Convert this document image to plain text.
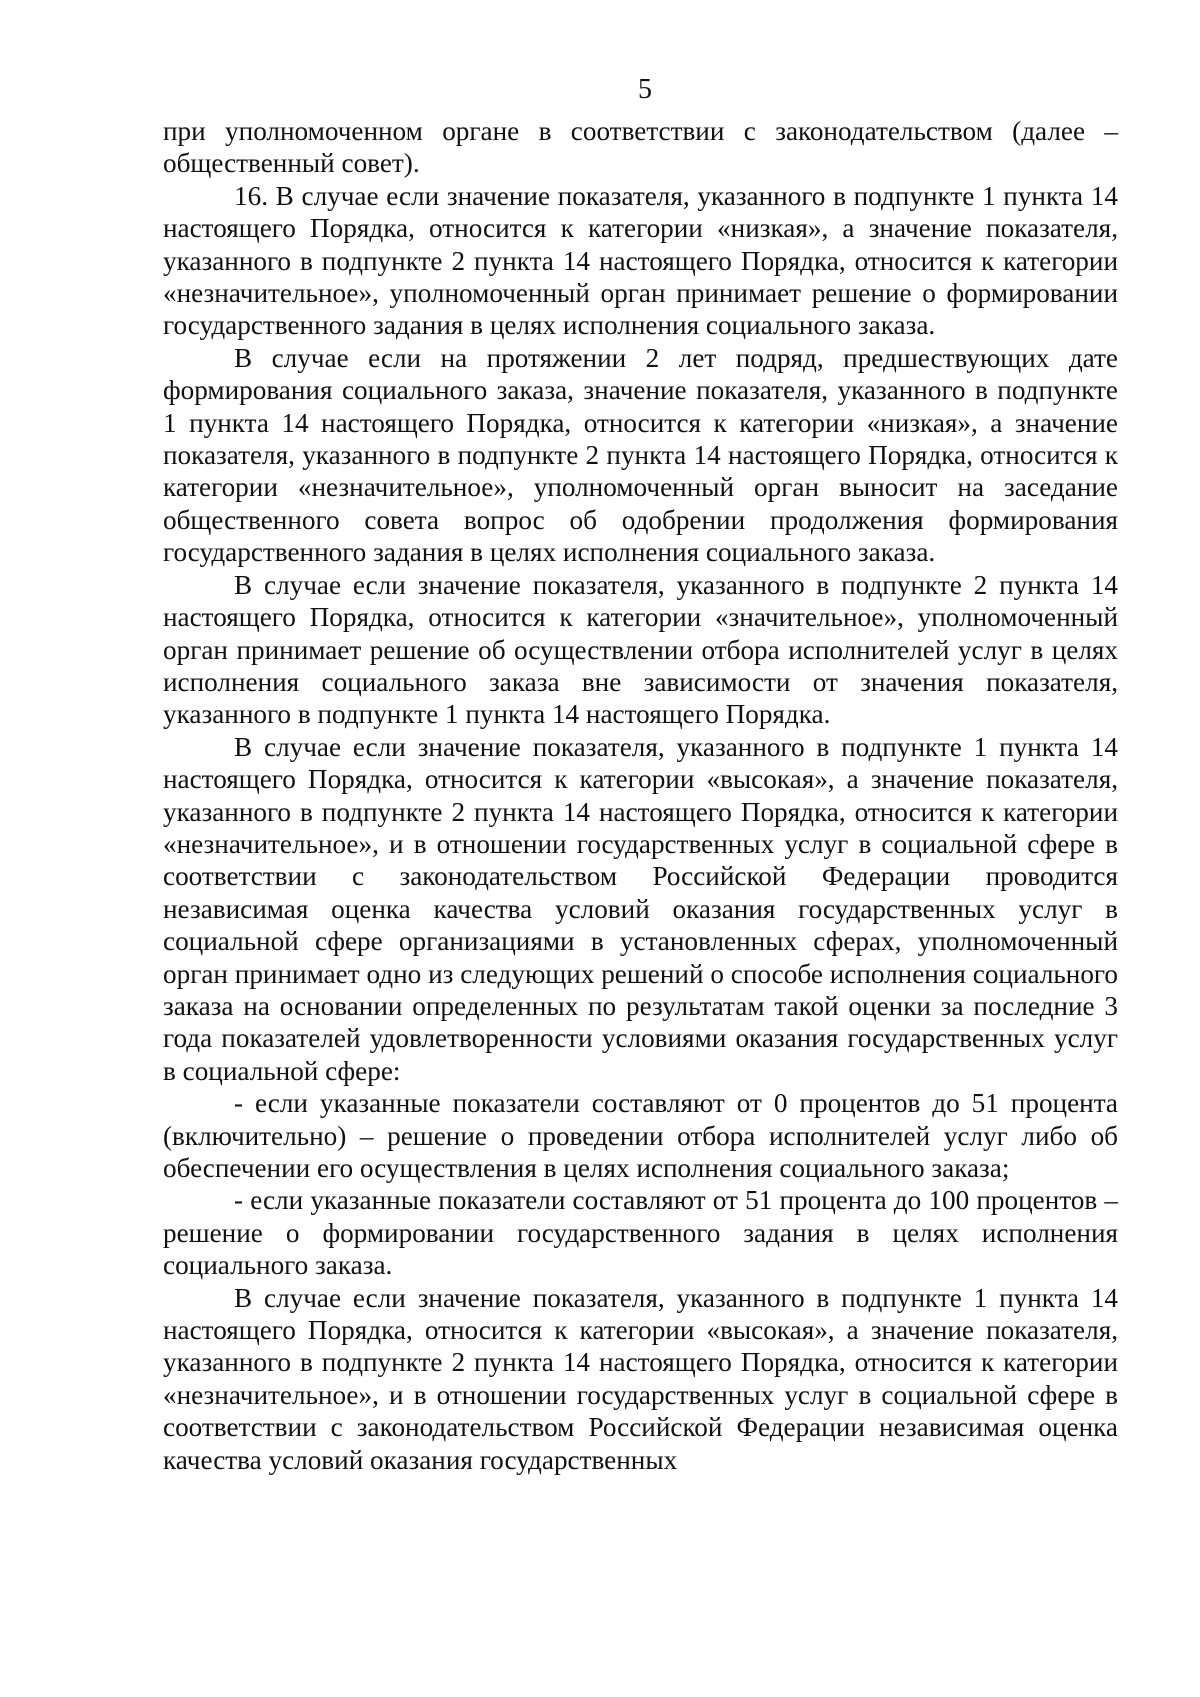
5

при уполномоченном органе в соответствии с законодательством (далее – общественный совет).

16. В случае если значение показателя, указанного в подпункте 1 пункта 14 настоящего Порядка, относится к категории «низкая», а значение показателя, указанного в подпункте 2 пункта 14 настоящего Порядка, относится к категории «незначительное», уполномоченный орган принимает решение о формировании государственного задания в целях исполнения социального заказа.

В случае если на протяжении 2 лет подряд, предшествующих дате формирования социального заказа, значение показателя, указанного в подпункте 1 пункта 14 настоящего Порядка, относится к категории «низкая», а значение показателя, указанного в подпункте 2 пункта 14 настоящего Порядка, относится к категории «незначительное», уполномоченный орган выносит на заседание общественного совета вопрос об одобрении продолжения формирования государственного задания в целях исполнения социального заказа.

В случае если значение показателя, указанного в подпункте 2 пункта 14 настоящего Порядка, относится к категории «значительное», уполномоченный орган принимает решение об осуществлении отбора исполнителей услуг в целях исполнения социального заказа вне зависимости от значения показателя, указанного в подпункте 1 пункта 14 настоящего Порядка.

В случае если значение показателя, указанного в подпункте 1 пункта 14 настоящего Порядка, относится к категории «высокая», а значение показателя, указанного в подпункте 2 пункта 14 настоящего Порядка, относится к категории «незначительное», и в отношении государственных услуг в социальной сфере в соответствии с законодательством Российской Федерации проводится независимая оценка качества условий оказания государственных услуг в социальной сфере организациями в установленных сферах, уполномоченный орган принимает одно из следующих решений о способе исполнения социального заказа на основании определенных по результатам такой оценки за последние 3 года показателей удовлетворенности условиями оказания государственных услуг в социальной сфере:

- если указанные показатели составляют от 0 процентов до 51 процента (включительно) – решение о проведении отбора исполнителей услуг либо об обеспечении его осуществления в целях исполнения социального заказа;

- если указанные показатели составляют от 51 процента до 100 процентов – решение о формировании государственного задания в целях исполнения социального заказа.

В случае если значение показателя, указанного в подпункте 1 пункта 14 настоящего Порядка, относится к категории «высокая», а значение показателя, указанного в подпункте 2 пункта 14 настоящего Порядка, относится к категории «незначительное», и в отношении государственных услуг в социальной сфере в соответствии с законодательством Российской Федерации независимая оценка качества условий оказания государственных
